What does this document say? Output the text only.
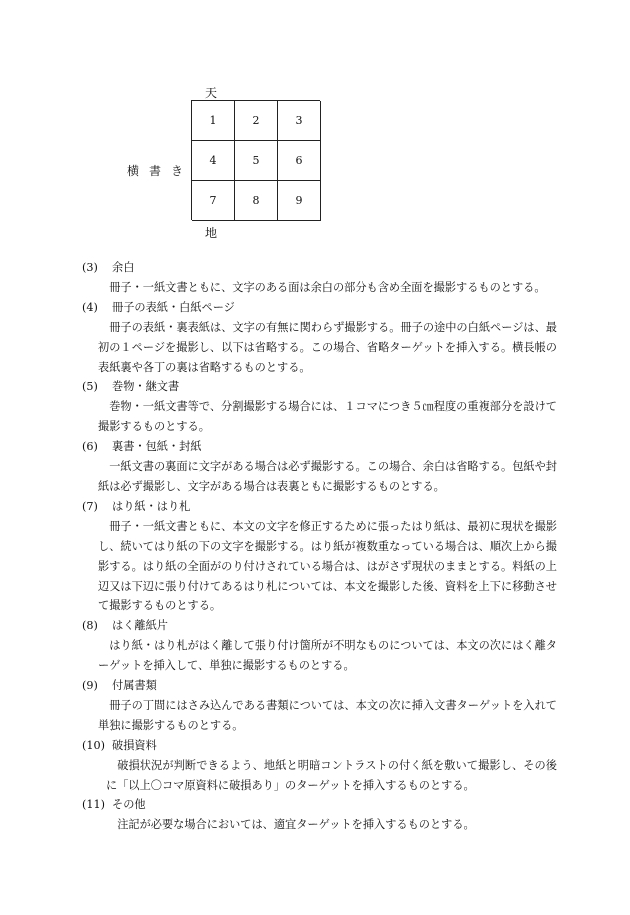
天
横書き
1	2	3
4	5	6
7	8	9
地
(3) 余白
冊子・一紙文書ともに、文字のある面は余白の部分も含め全面を撮影するものとする。
(4) 冊子の表紙・白紙ページ
冊子の表紙・裏表紙は、文字の有無に関わらず撮影する。冊子の途中の白紙ページは、最初の１ページを撮影し、以下は省略する。この場合、省略ターゲットを挿入する。横長帳の表紙裏や各丁の裏は省略するものとする。
(5) 巻物・継文書
巻物・一紙文書等で、分割撮影する場合には、１コマにつき５㎝程度の重複部分を設けて撮影するものとする。
(6) 裏書・包紙・封紙
一紙文書の裏面に文字がある場合は必ず撮影する。この場合、余白は省略する。包紙や封紙は必ず撮影し、文字がある場合は表裏ともに撮影するものとする。
(7) はり紙・はり札
冊子・一紙文書ともに、本文の文字を修正するために張ったはり紙は、最初に現状を撮影し、続いてはり紙の下の文字を撮影する。はり紙が複数重なっている場合は、順次上から撮影する。はり紙の全面がのり付けされている場合は、はがさず現状のままとする。料紙の上辺又は下辺に張り付けてあるはり札については、本文を撮影した後、資料を上下に移動させて撮影するものとする。
(8) はく離紙片
はり紙・はり札がはく離して張り付け箇所が不明なものについては、本文の次にはく離ターゲットを挿入して、単独に撮影するものとする。
(9) 付属書類
冊子の丁間にはさみ込んである書類については、本文の次に挿入文書ターゲットを入れて単独に撮影するものとする。
(10) 破損資料
破損状況が判断できるよう、地紙と明暗コントラストの付く紙を敷いて撮影し、その後に「以上〇コマ原資料に破損あり」のターゲットを挿入するものとする。
(11) その他
注記が必要な場合においては、適宜ターゲットを挿入するものとする。
